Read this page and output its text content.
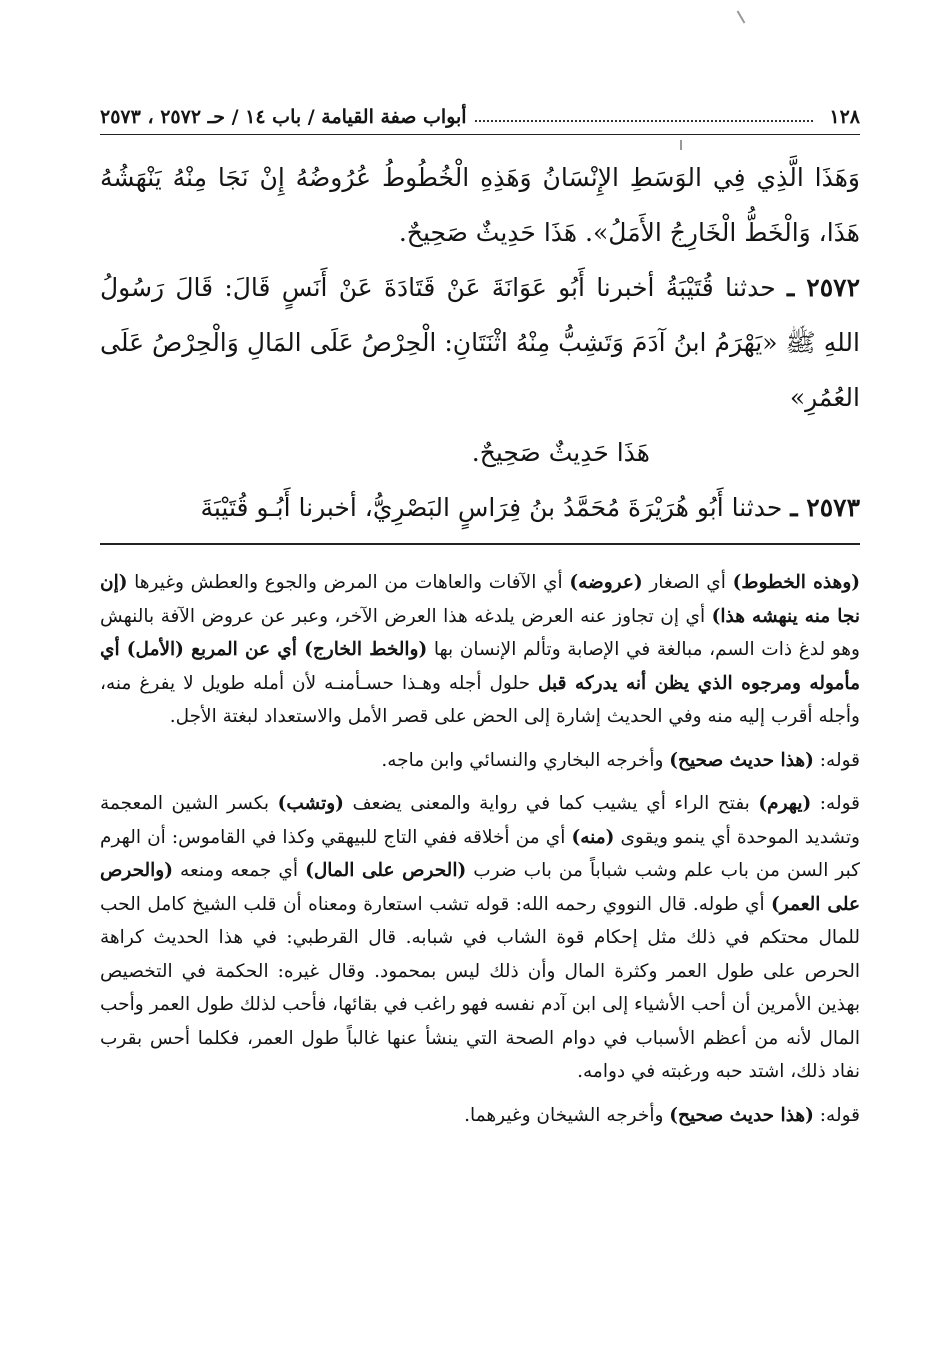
١٢٨
أبواب صفة القيامة / باب ١٤ / حـ ٢٥٧٢ ، ٢٥٧٣

وَهَذَا الَّذِي فِي الوَسَطِ الإِنْسَانُ وَهَذِهِ الْخُطُوطُ عُرُوضُهُ إِنْ نَجَا مِنْهُ يَنْهَشُهُ هَذَا، وَالْخَطُّ الْخَارِجُ الأَمَلُ». هَذَا حَدِيثٌ صَحِيحٌ.

٢٥٧٢ ـ حدثنا قُتَيْبَةُ أخبرنا أَبُو عَوَانَةَ عَنْ قَتَادَةَ عَنْ أَنَسٍ قَالَ: قَالَ رَسُولُ اللهِ ﷺ «يَهْرَمُ ابنُ آدَمَ وَتَشِبُّ مِنْهُ اثْنَتَانِ: الْحِرْصُ عَلَى المَالِ وَالْحِرْصُ عَلَى العُمُرِ»

هَذَا حَدِيثٌ صَحِيحٌ.

٢٥٧٣ ـ حدثنا أَبُو هُرَيْرَةَ مُحَمَّدُ بنُ فِرَاسٍ البَصْرِيُّ، أخبرنا أَبُـو قُتَيْبَةَ

(وهذه الخطوط) أي الصغار (عروضه) أي الآفات والعاهات من المرض والجوع والعطش وغيرها (إن نجا منه ينهشه هذا) أي إن تجاوز عنه العرض يلدغه هذا العرض الآخر، وعبر عن عروض الآفة بالنهش وهو لدغ ذات السم، مبالغة في الإصابة وتألم الإنسان بها (والخط الخارج) أي عن المربع (الأمل) أي مأموله ومرجوه الذي يظن أنه يدركه قبل حلول أجله وهـذا حسـأمنـه لأن أمله طويل لا يفرغ منه، وأجله أقرب إليه منه وفي الحديث إشارة إلى الحض على قصر الأمل والاستعداد لبغتة الأجل.

قوله: (هذا حديث صحيح) وأخرجه البخاري والنسائي وابن ماجه.

قوله: (يهرم) بفتح الراء أي يشيب كما في رواية والمعنى يضعف (وتشب) بكسر الشين المعجمة وتشديد الموحدة أي ينمو ويقوى (منه) أي من أخلاقه ففي التاج للبيهقي وكذا في القاموس: أن الهرم كبر السن من باب علم وشب شباباً من باب ضرب (الحرص على المال) أي جمعه ومنعه (والحرص على العمر) أي طوله. قال النووي رحمه الله: قوله تشب استعارة ومعناه أن قلب الشيخ كامل الحب للمال محتكم في ذلك مثل إحكام قوة الشاب في شبابه. قال القرطبي: في هذا الحديث كراهة الحرص على طول العمر وكثرة المال وأن ذلك ليس بمحمود. وقال غيره: الحكمة في التخصيص بهذين الأمرين أن أحب الأشياء إلى ابن آدم نفسه فهو راغب في بقائها، فأحب لذلك طول العمر وأحب المال لأنه من أعظم الأسباب في دوام الصحة التي ينشأ عنها غالباً طول العمر، فكلما أحس بقرب نفاد ذلك، اشتد حبه ورغبته في دوامه.

قوله: (هذا حديث صحيح) وأخرجه الشيخان وغيرهما.
